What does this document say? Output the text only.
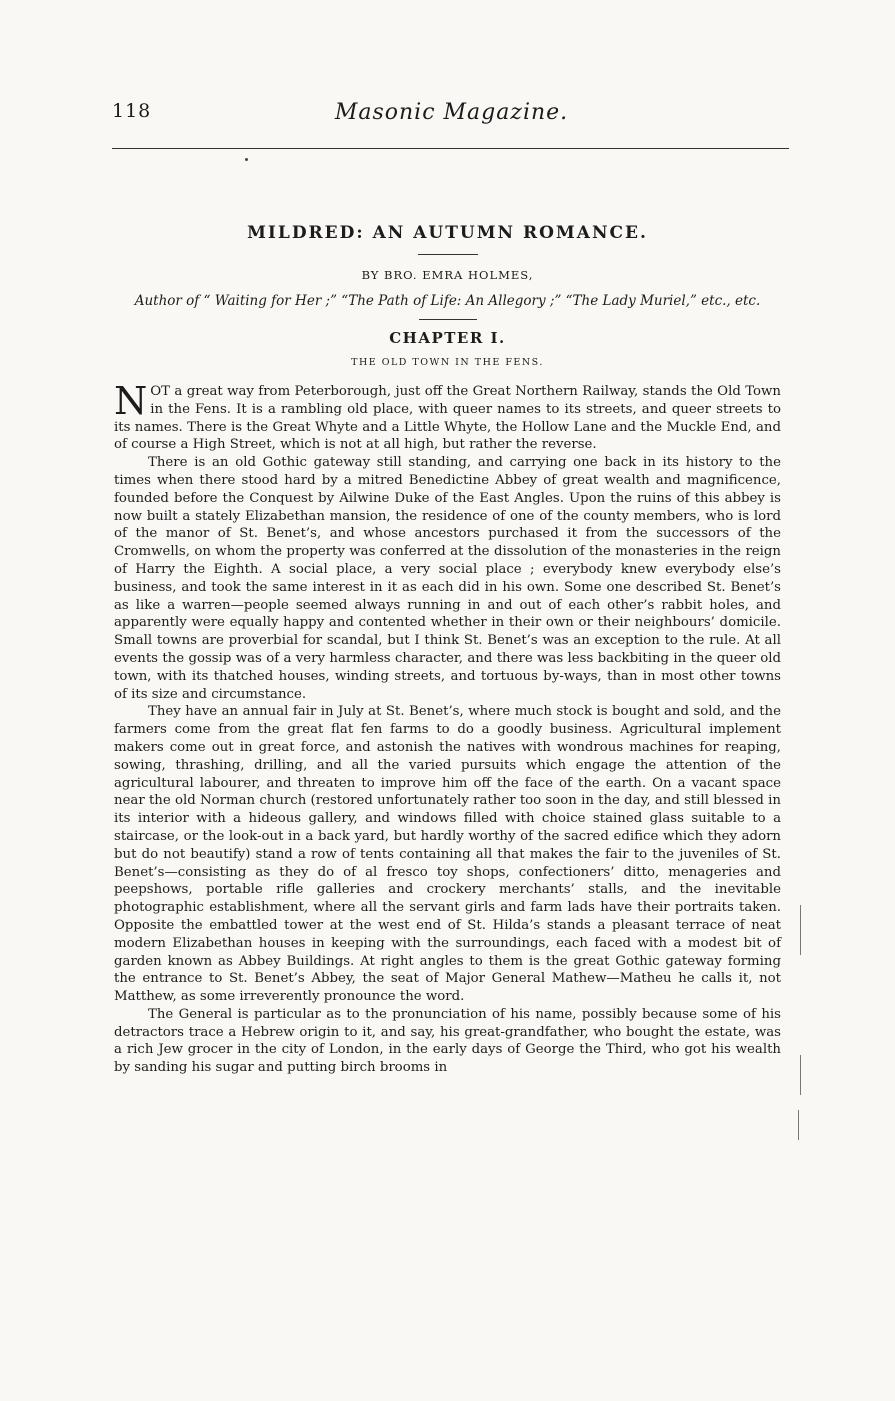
118	Masonic Magazine.
MILDRED: AN AUTUMN ROMANCE.

BY BRO. EMRA HOLMES,

Author of “ Waiting for Her ;” “The Path of Life: An Allegory ;” “The Lady Muriel,” etc., etc.

CHAPTER I.

THE OLD TOWN IN THE FENS.

NOT a great way from Peterborough, just off the Great Northern Railway, stands the Old Town in the Fens. It is a rambling old place, with queer names to its streets, and queer streets to its names. There is the Great Whyte and a Little Whyte, the Hollow Lane and the Muckle End, and of course a High Street, which is not at all high, but rather the reverse.

There is an old Gothic gateway still standing, and carrying one back in its history to the times when there stood hard by a mitred Benedictine Abbey of great wealth and magnificence, founded before the Conquest by Ailwine Duke of the East Angles. Upon the ruins of this abbey is now built a stately Elizabethan mansion, the residence of one of the county members, who is lord of the manor of St. Benet’s, and whose ancestors purchased it from the successors of the Cromwells, on whom the property was conferred at the dissolution of the monasteries in the reign of Harry the Eighth. A social place, a very social place ; everybody knew everybody else’s business, and took the same interest in it as each did in his own. Some one described St. Benet’s as like a warren—people seemed always running in and out of each other’s rabbit holes, and apparently were equally happy and contented whether in their own or their neighbours’ domicile. Small towns are proverbial for scandal, but I think St. Benet’s was an exception to the rule. At all events the gossip was of a very harmless character, and there was less backbiting in the queer old town, with its thatched houses, winding streets, and tortuous by-ways, than in most other towns of its size and circumstance.

They have an annual fair in July at St. Benet’s, where much stock is bought and sold, and the farmers come from the great flat fen farms to do a goodly business. Agricultural implement makers come out in great force, and astonish the natives with wondrous machines for reaping, sowing, thrashing, drilling, and all the varied pursuits which engage the attention of the agricultural labourer, and threaten to improve him off the face of the earth. On a vacant space near the old Norman church (restored unfortunately rather too soon in the day, and still blessed in its interior with a hideous gallery, and windows filled with choice stained glass suitable to a staircase, or the look-out in a back yard, but hardly worthy of the sacred edifice which they adorn but do not beautify) stand a row of tents containing all that makes the fair to the juveniles of St. Benet’s—consisting as they do of al fresco toy shops, confectioners’ ditto, menageries and peepshows, portable rifle galleries and crockery merchants’ stalls, and the inevitable photographic establishment, where all the servant girls and farm lads have their portraits taken. Opposite the embattled tower at the west end of St. Hilda’s stands a pleasant terrace of neat modern Elizabethan houses in keeping with the surroundings, each faced with a modest bit of garden known as Abbey Buildings. At right angles to them is the great Gothic gateway forming the entrance to St. Benet’s Abbey, the seat of Major General Mathew—Matheu he calls it, not Matthew, as some irreverently pronounce the word.

The General is particular as to the pronunciation of his name, possibly because some of his detractors trace a Hebrew origin to it, and say, his great-grandfather, who bought the estate, was a rich Jew grocer in the city of London, in the early days of George the Third, who got his wealth by sanding his sugar and putting birch brooms in
